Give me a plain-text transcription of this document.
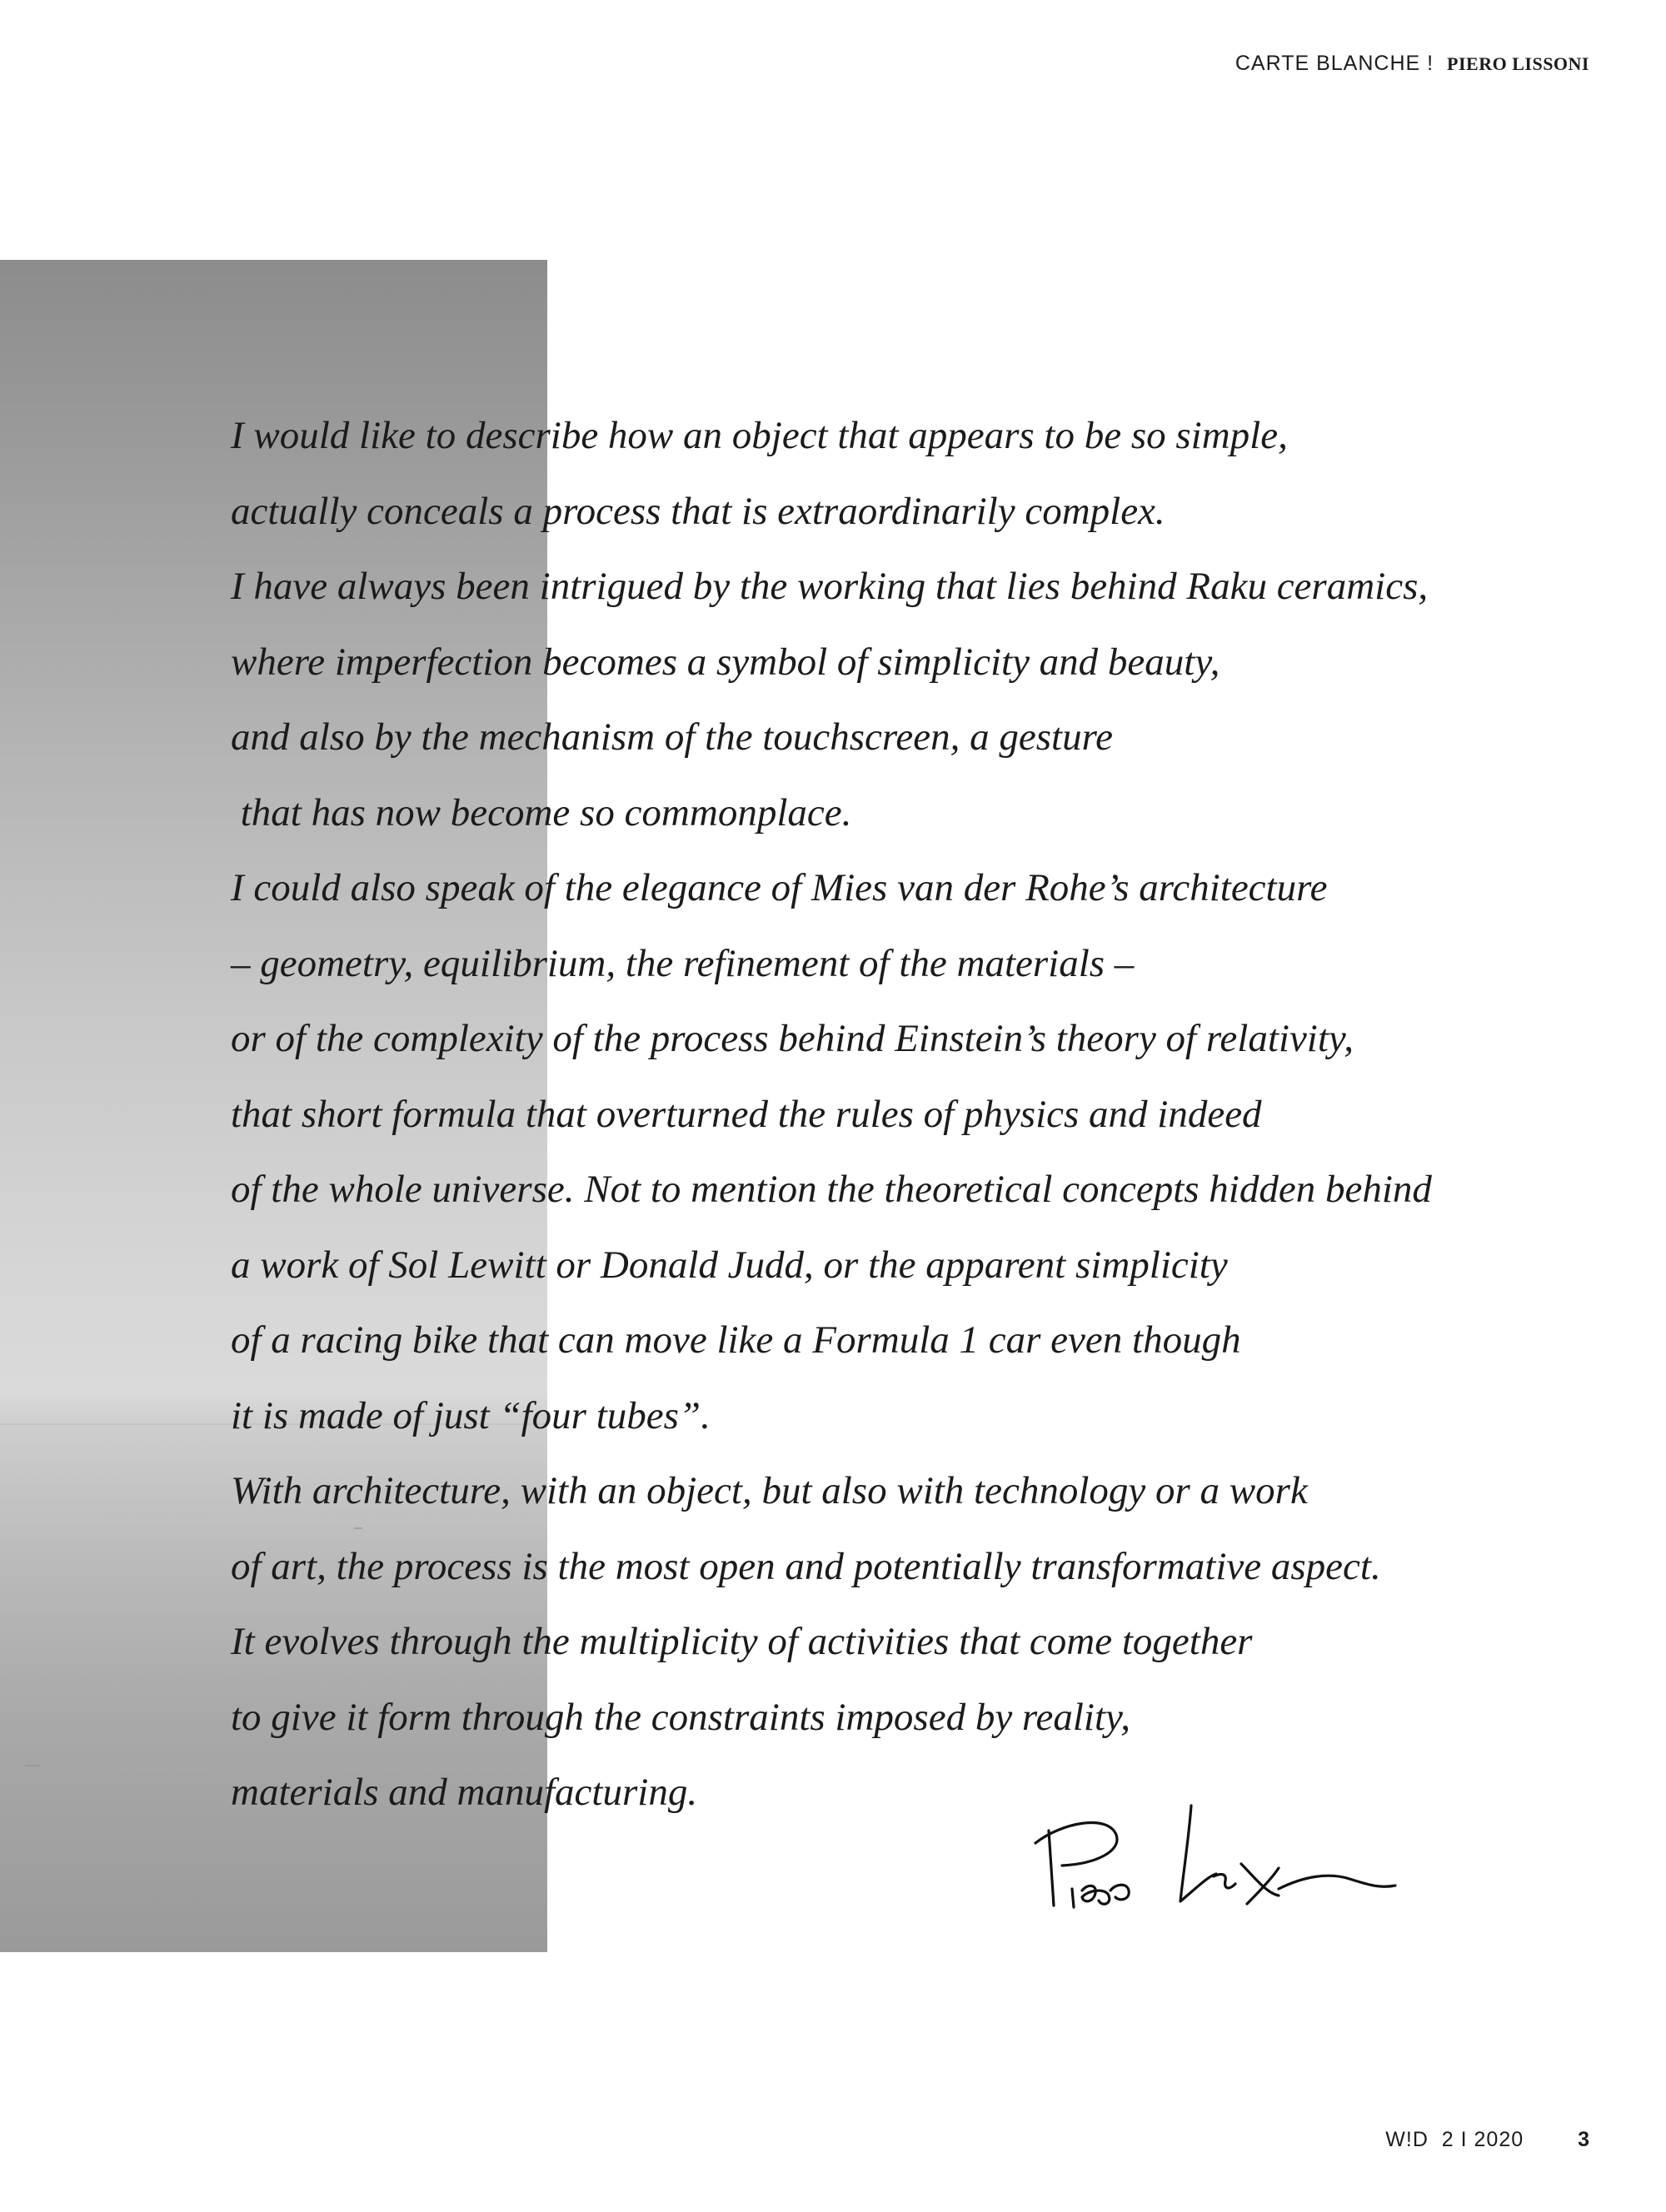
CARTE BLANCHE ! PIERO LISSONI
I would like to describe how an object that appears to be so simple,
actually conceals a process that is extraordinarily complex.
I have always been intrigued by the working that lies behind Raku ceramics,
where imperfection becomes a symbol of simplicity and beauty,
and also by the mechanism of the touchscreen, a gesture
that has now become so commonplace.
I could also speak of the elegance of Mies van der Rohe’s architecture
– geometry, equilibrium, the refinement of the materials –
or of the complexity of the process behind Einstein’s theory of relativity,
that short formula that overturned the rules of physics and indeed
of the whole universe. Not to mention the theoretical concepts hidden behind
a work of Sol Lewitt or Donald Judd, or the apparent simplicity
of a racing bike that can move like a Formula 1 car even though
it is made of just “four tubes”.
With architecture, with an object, but also with technology or a work
of art, the process is the most open and potentially transformative aspect.
It evolves through the multiplicity of activities that come together
to give it form through the constraints imposed by reality,
materials and manufacturing.
W!D  2 I 2020	3
